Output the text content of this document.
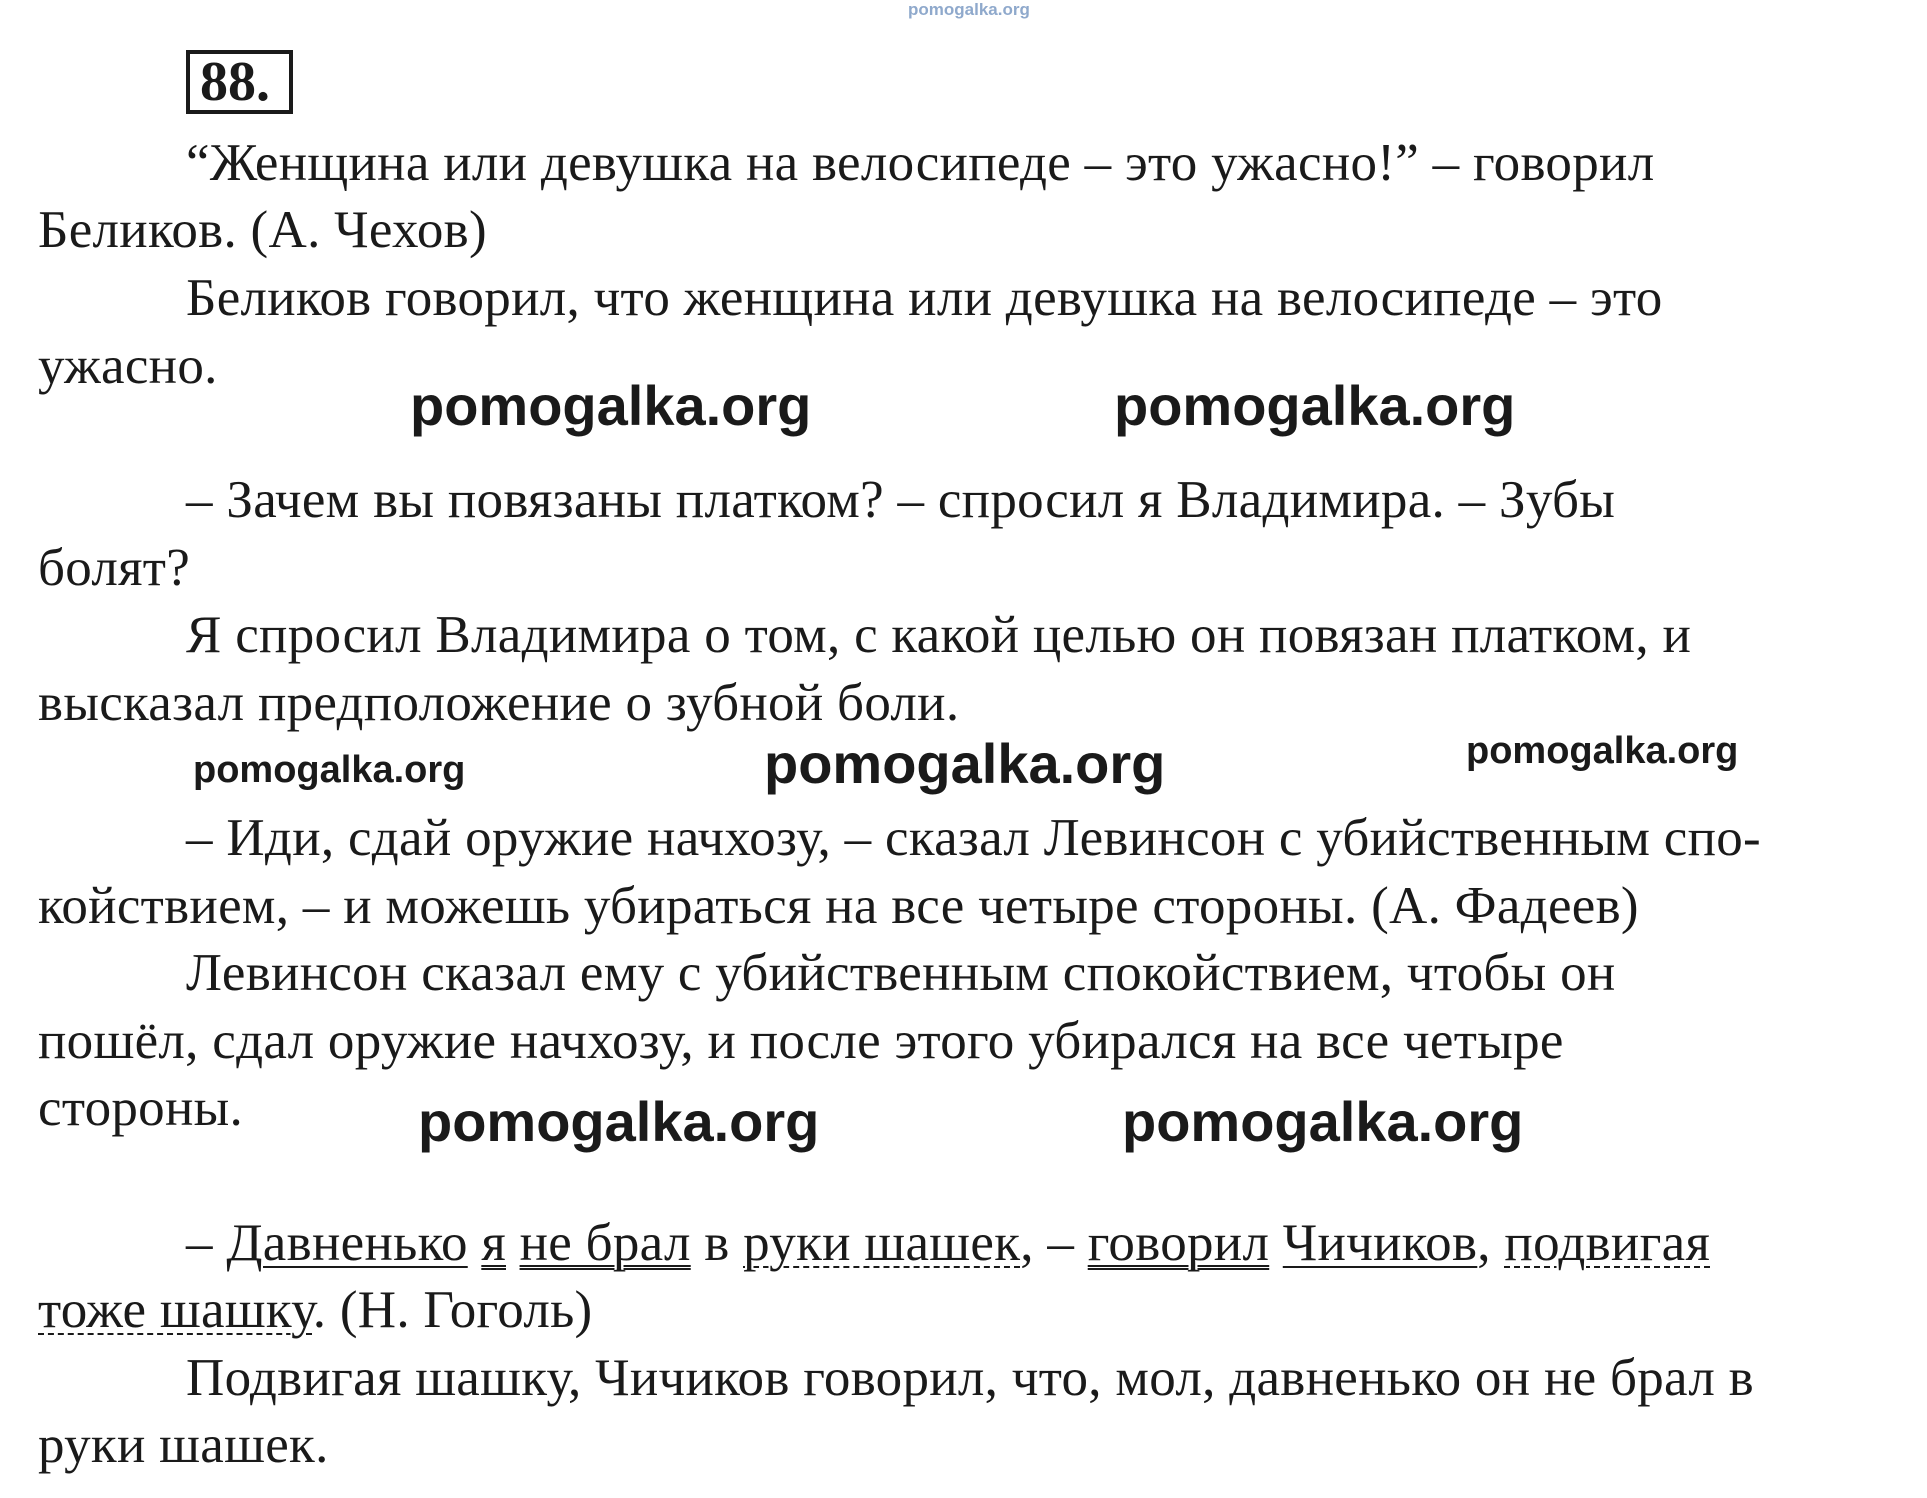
pomogalka.org
88.
“Женщина или девушка на велосипеде – это ужасно!” – говорил
Беликов. (А. Чехов)
Беликов говорил, что женщина или девушка на велосипеде – это
ужасно.
pomogalka.org	pomogalka.org
– Зачем вы повязаны платком? – спросил я Владимира. – Зубы
болят?
Я спросил Владимира о том, с какой целью он повязан платком, и
высказал предположение о зубной боли.
pomogalka.org	pomogalka.org	pomogalka.org
– Иди, сдай оружие начхозу, – сказал Левинсон с убийственным спо-
койствием, – и можешь убираться на все четыре стороны. (А. Фадеев)
Левинсон сказал ему с убийственным спокойствием, чтобы он
пошёл, сдал оружие начхозу, и после этого убирался на все четыре
стороны.	pomogalka.org	pomogalka.org
– Давненько я не брал в руки шашек, – говорил Чичиков, подвигая
тоже шашку. (Н. Гоголь)
Подвигая шашку, Чичиков говорил, что, мол, давненько он не брал в
руки шашек.
